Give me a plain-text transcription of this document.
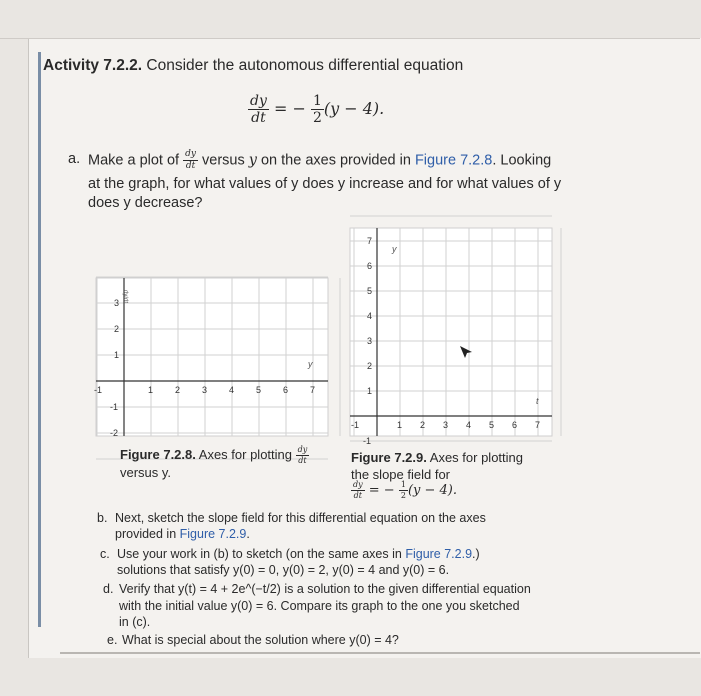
Activity 7.2.2. Consider the autonomous differential equation
$\frac{dy}{dt}$ = − $\frac{1}{2} (y - 4)$.
a. Make a plot of $\frac{dy}{dt}$ versus y on the axes provided in Figure 7.2.8. Looking
at the graph, for what values of y does y increase and for what values of y
does y decrease?
-1	1 2 3 4 5 6 7
3
2
1
-1
-2
dy/dt
y
-1	1 2 3 4 5 6 7
7
6
5
4
3
2
1
-1
y
t
Figure 7.2.8. Axes for plotting $\frac{dy}{dt}$
versus y.
Figure 7.2.9. Axes for plotting
the slope field for
$\frac{dy}{dt}$ = − $\frac{1}{2} (y - 4)$.
b. Next, sketch the slope field for this differential equation on the axes
provided in Figure 7.2.9.
c. Use your work in (b) to sketch (on the same axes in Figure 7.2.9.)
solutions that satisfy y(0) = 0, y(0) = 2, y(0) = 4 and y(0) = 6.
d. Verify that y(t) = 4 + 2e^(−t/2) is a solution to the given differential equation
with the initial value y(0) = 6. Compare its graph to the one you sketched
in (c).
e. What is special about the solution where y(0) = 4?
